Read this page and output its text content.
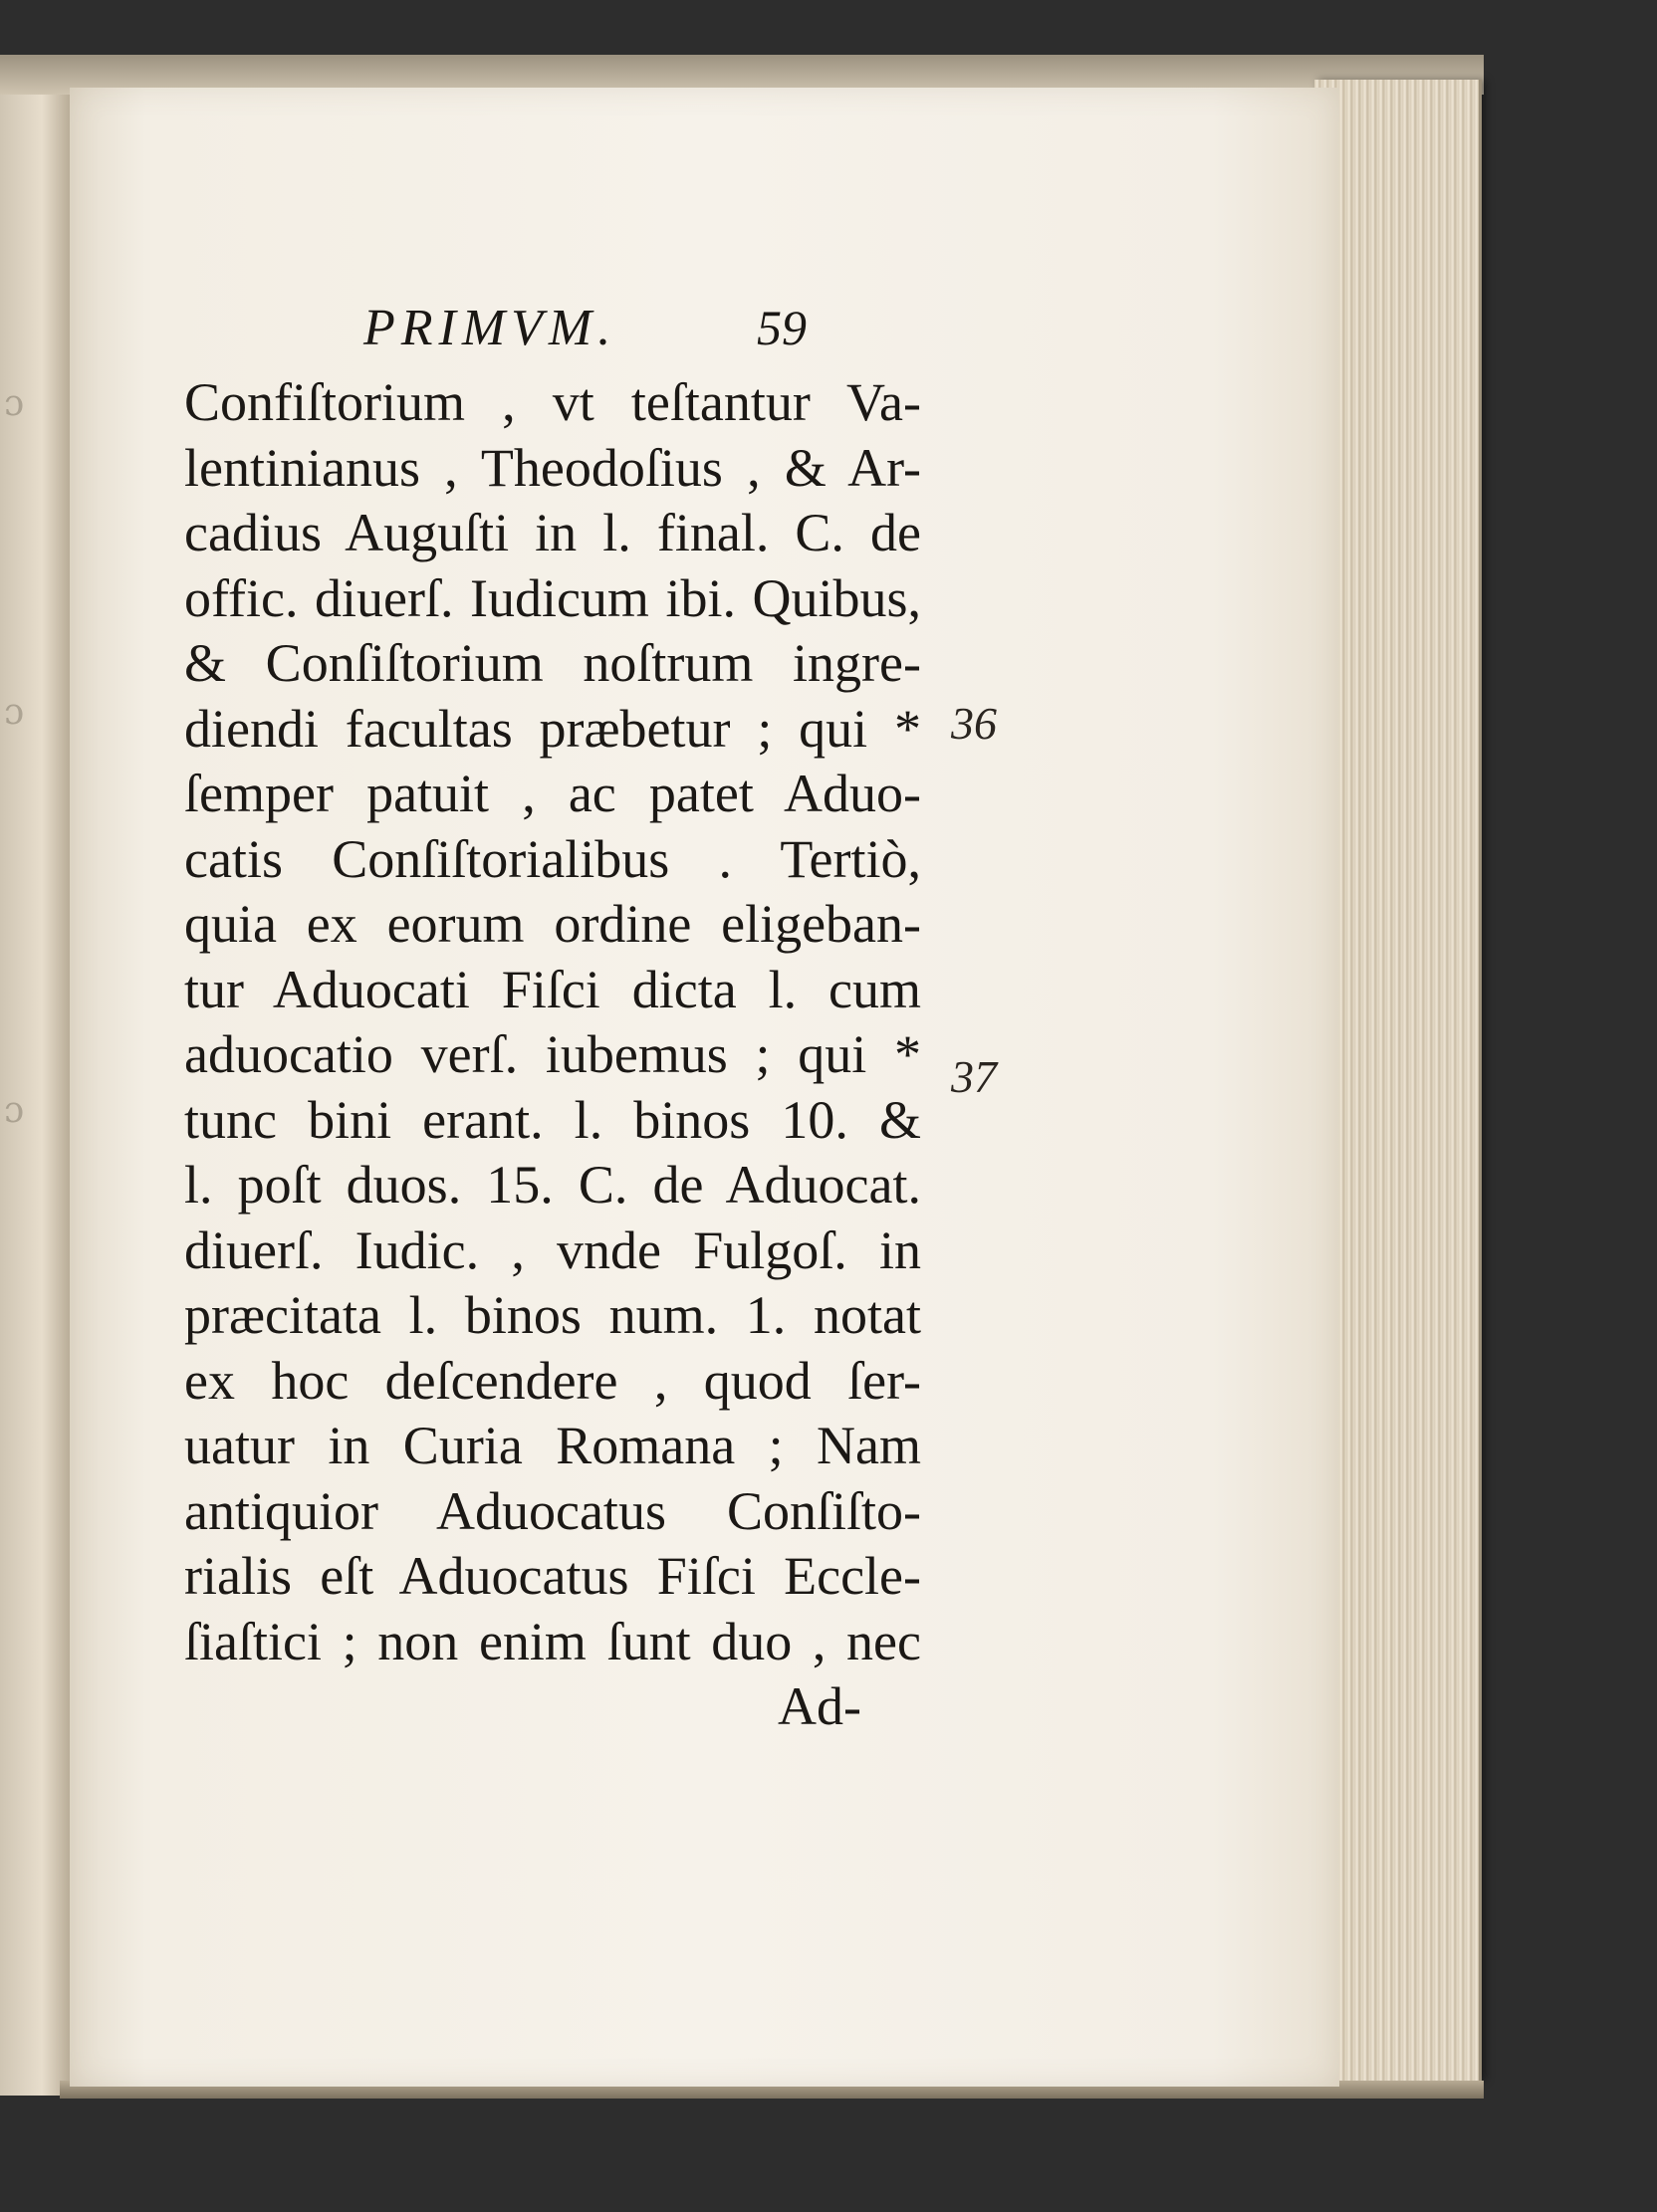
ɔ
ɔ
ɔ
PRIMVM.	59
Confiſtorium , vt teſtantur Va-
lentinianus , Theodoſius , & Ar-
cadius Auguſti in l. final. C. de
offic. diuerſ. Iudicum ibi. Quibus,
& Conſiſtorium noſtrum ingre-
diendi facultas præbetur ; qui *
ſemper patuit , ac patet Aduo-
catis Conſiſtorialibus . Tertiò,
quia ex eorum ordine eligeban-
tur Aduocati Fiſci dicta l. cum
aduocatio verſ. iubemus ; qui *
tunc bini erant. l. binos 10. &
l. poſt duos. 15. C. de Aduocat.
diuerſ. Iudic. , vnde Fulgoſ. in
præcitata l. binos num. 1. notat
ex hoc deſcendere , quod ſer-
uatur in Curia Romana ; Nam
antiquior Aduocatus Conſiſto-
rialis eſt Aduocatus Fiſci Eccle-
ſiaſtici ; non enim ſunt duo , nec
Ad-
36
37
